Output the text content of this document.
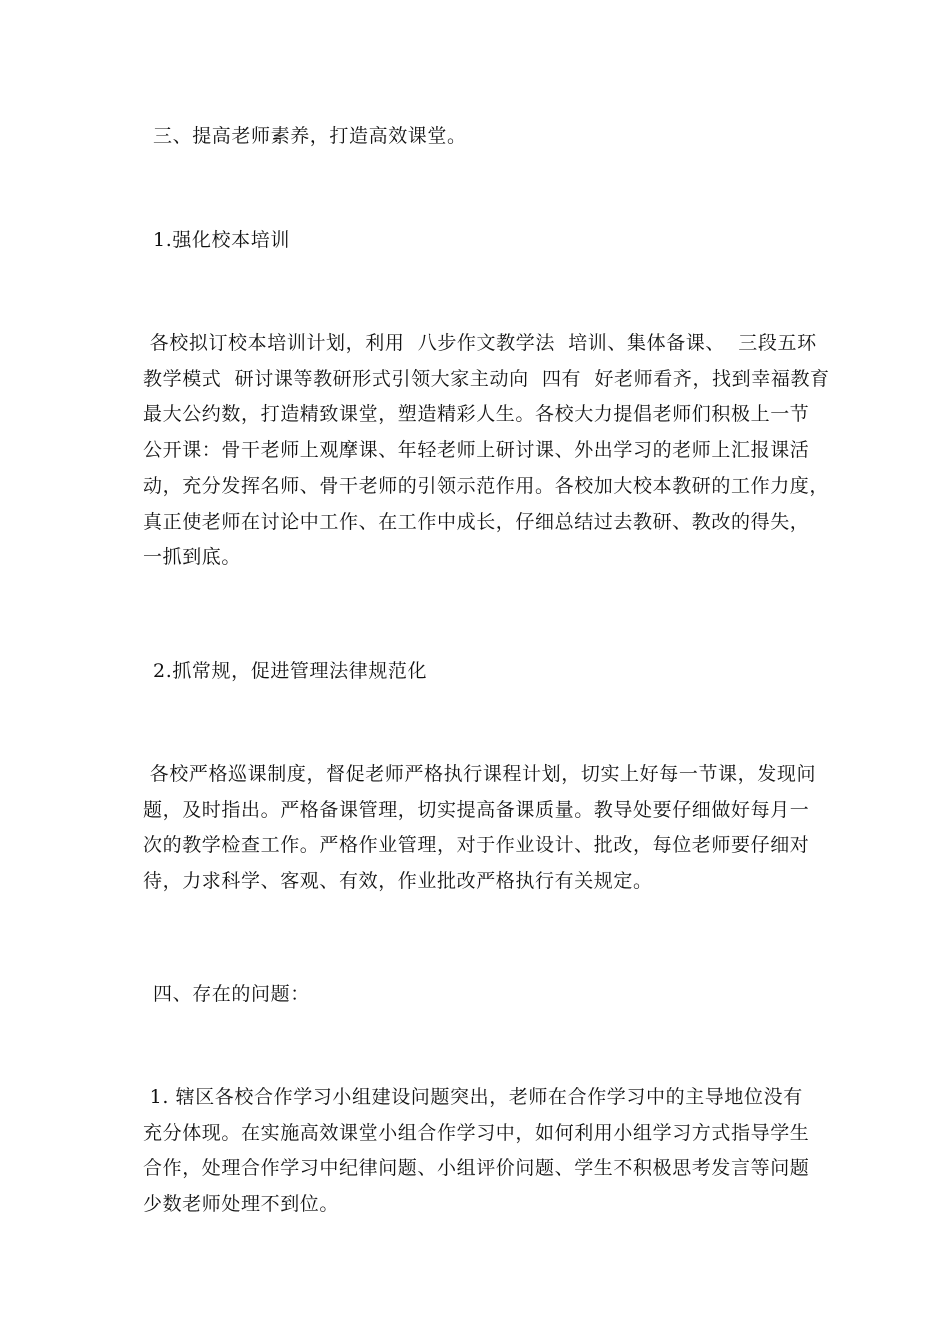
三、提高老师素养，打造高效课堂。
1.强化校本培训
各校拟订校本培训计划，利用  八步作文教学法  培训、集体备课、  三段五环
教学模式  研讨课等教研形式引领大家主动向  四有  好老师看齐，找到幸福教育
最大公约数，打造精致课堂，塑造精彩人生。各校大力提倡老师们积极上一节
公开课：骨干老师上观摩课、年轻老师上研讨课、外出学习的老师上汇报课活
动，充分发挥名师、骨干老师的引领示范作用。各校加大校本教研的工作力度，
真正使老师在讨论中工作、在工作中成长，仔细总结过去教研、教改的得失，
一抓到底。
2.抓常规，促进管理法律规范化
各校严格巡课制度，督促老师严格执行课程计划，切实上好每一节课，发现问
题，及时指出。严格备课管理，切实提高备课质量。教导处要仔细做好每月一
次的教学检查工作。严格作业管理，对于作业设计、批改，每位老师要仔细对
待，力求科学、客观、有效，作业批改严格执行有关规定。
四、存在的问题：
1. 辖区各校合作学习小组建设问题突出，老师在合作学习中的主导地位没有
充分体现。在实施高效课堂小组合作学习中，如何利用小组学习方式指导学生
合作，处理合作学习中纪律问题、小组评价问题、学生不积极思考发言等问题
少数老师处理不到位。
